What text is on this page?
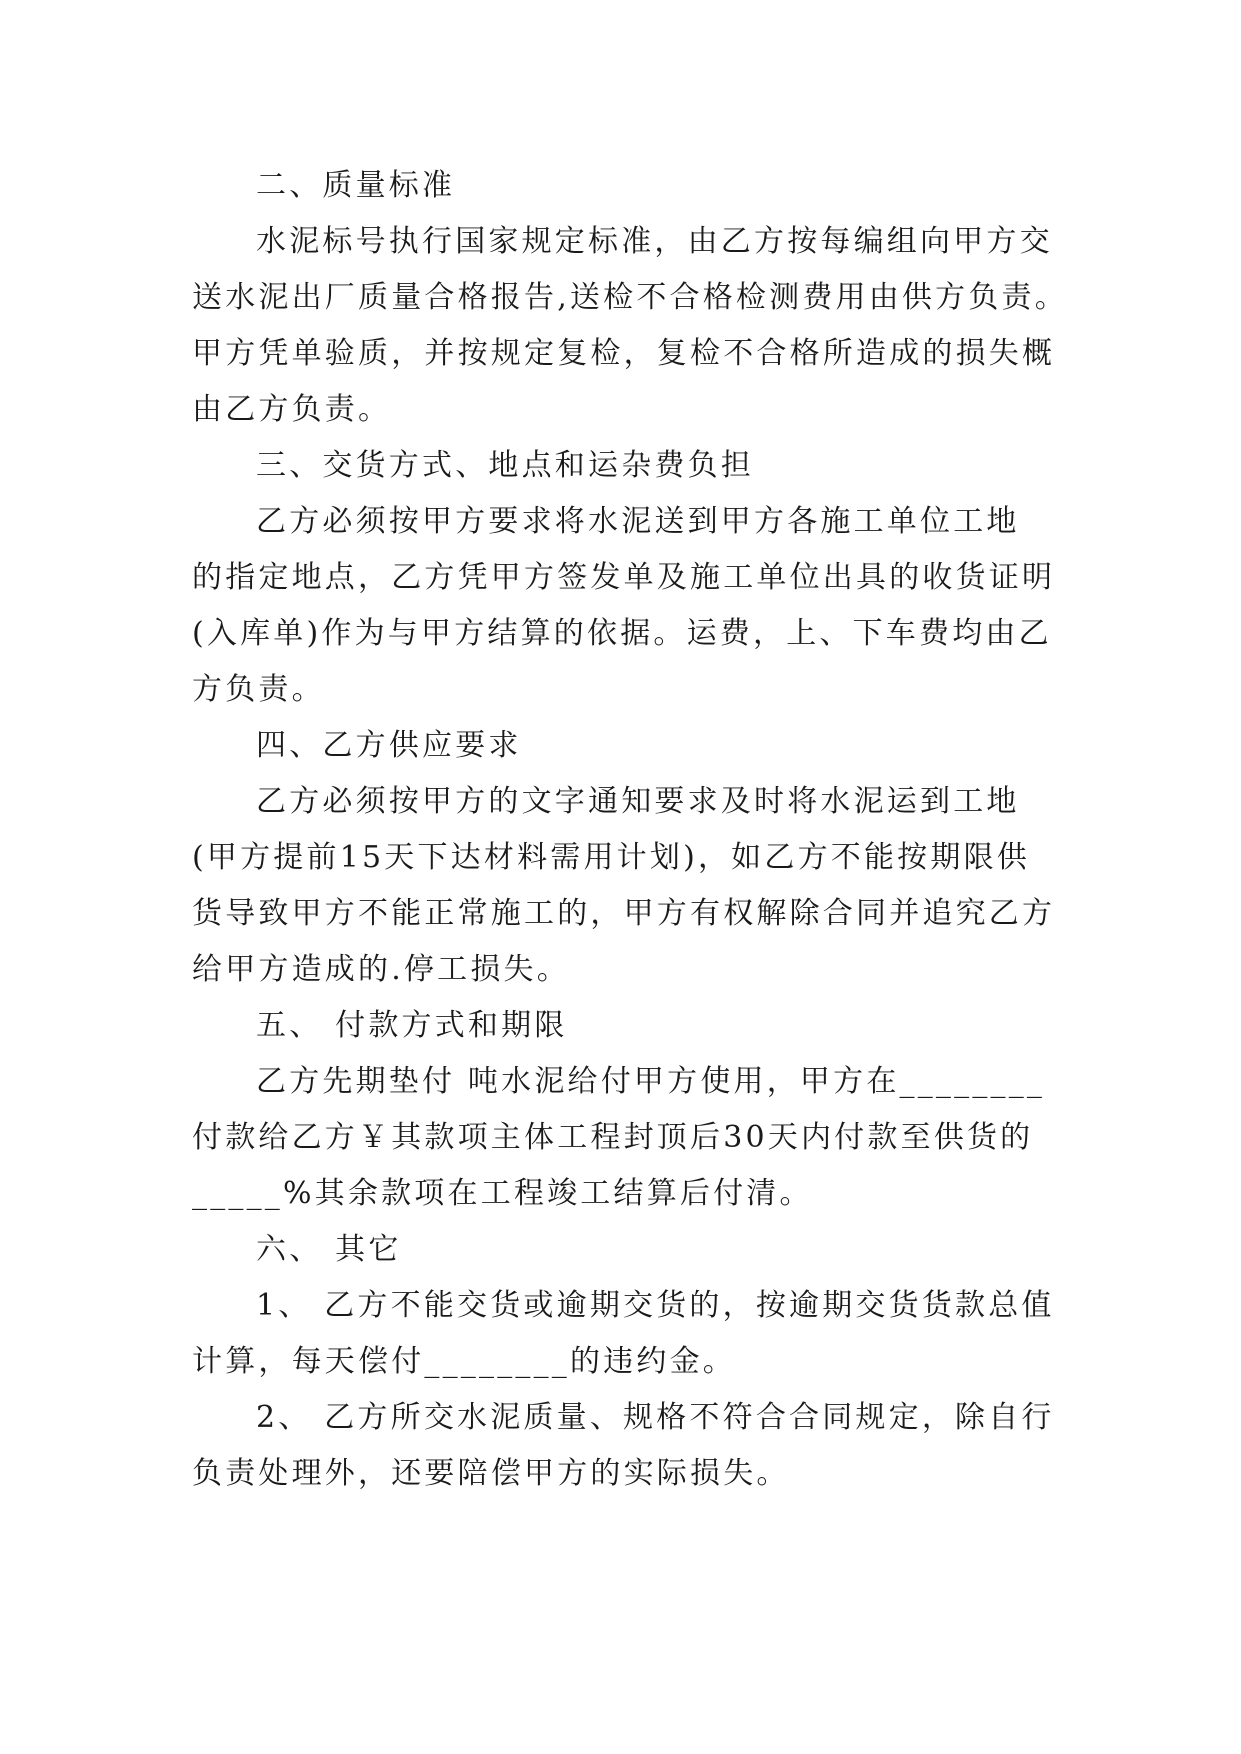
二、质量标准
水泥标号执行国家规定标准，由乙方按每编组向甲方交
送水泥出厂质量合格报告,送检不合格检测费用由供方负责。
甲方凭单验质，并按规定复检，复检不合格所造成的损失概
由乙方负责。
三、交货方式、地点和运杂费负担
乙方必须按甲方要求将水泥送到甲方各施工单位工地
的指定地点，乙方凭甲方签发单及施工单位出具的收货证明
(入库单)作为与甲方结算的依据。运费，上、下车费均由乙
方负责。
四、乙方供应要求
乙方必须按甲方的文字通知要求及时将水泥运到工地
(甲方提前15天下达材料需用计划)，如乙方不能按期限供
货导致甲方不能正常施工的，甲方有权解除合同并追究乙方
给甲方造成的.停工损失。
五、 付款方式和期限
乙方先期垫付 吨水泥给付甲方使用，甲方在________
付款给乙方￥其款项主体工程封顶后30天内付款至供货的
_____%其余款项在工程竣工结算后付清。
六、 其它
1、 乙方不能交货或逾期交货的，按逾期交货货款总值
计算，每天偿付________的违约金。
2、 乙方所交水泥质量、规格不符合合同规定，除自行
负责处理外，还要陪偿甲方的实际损失。
